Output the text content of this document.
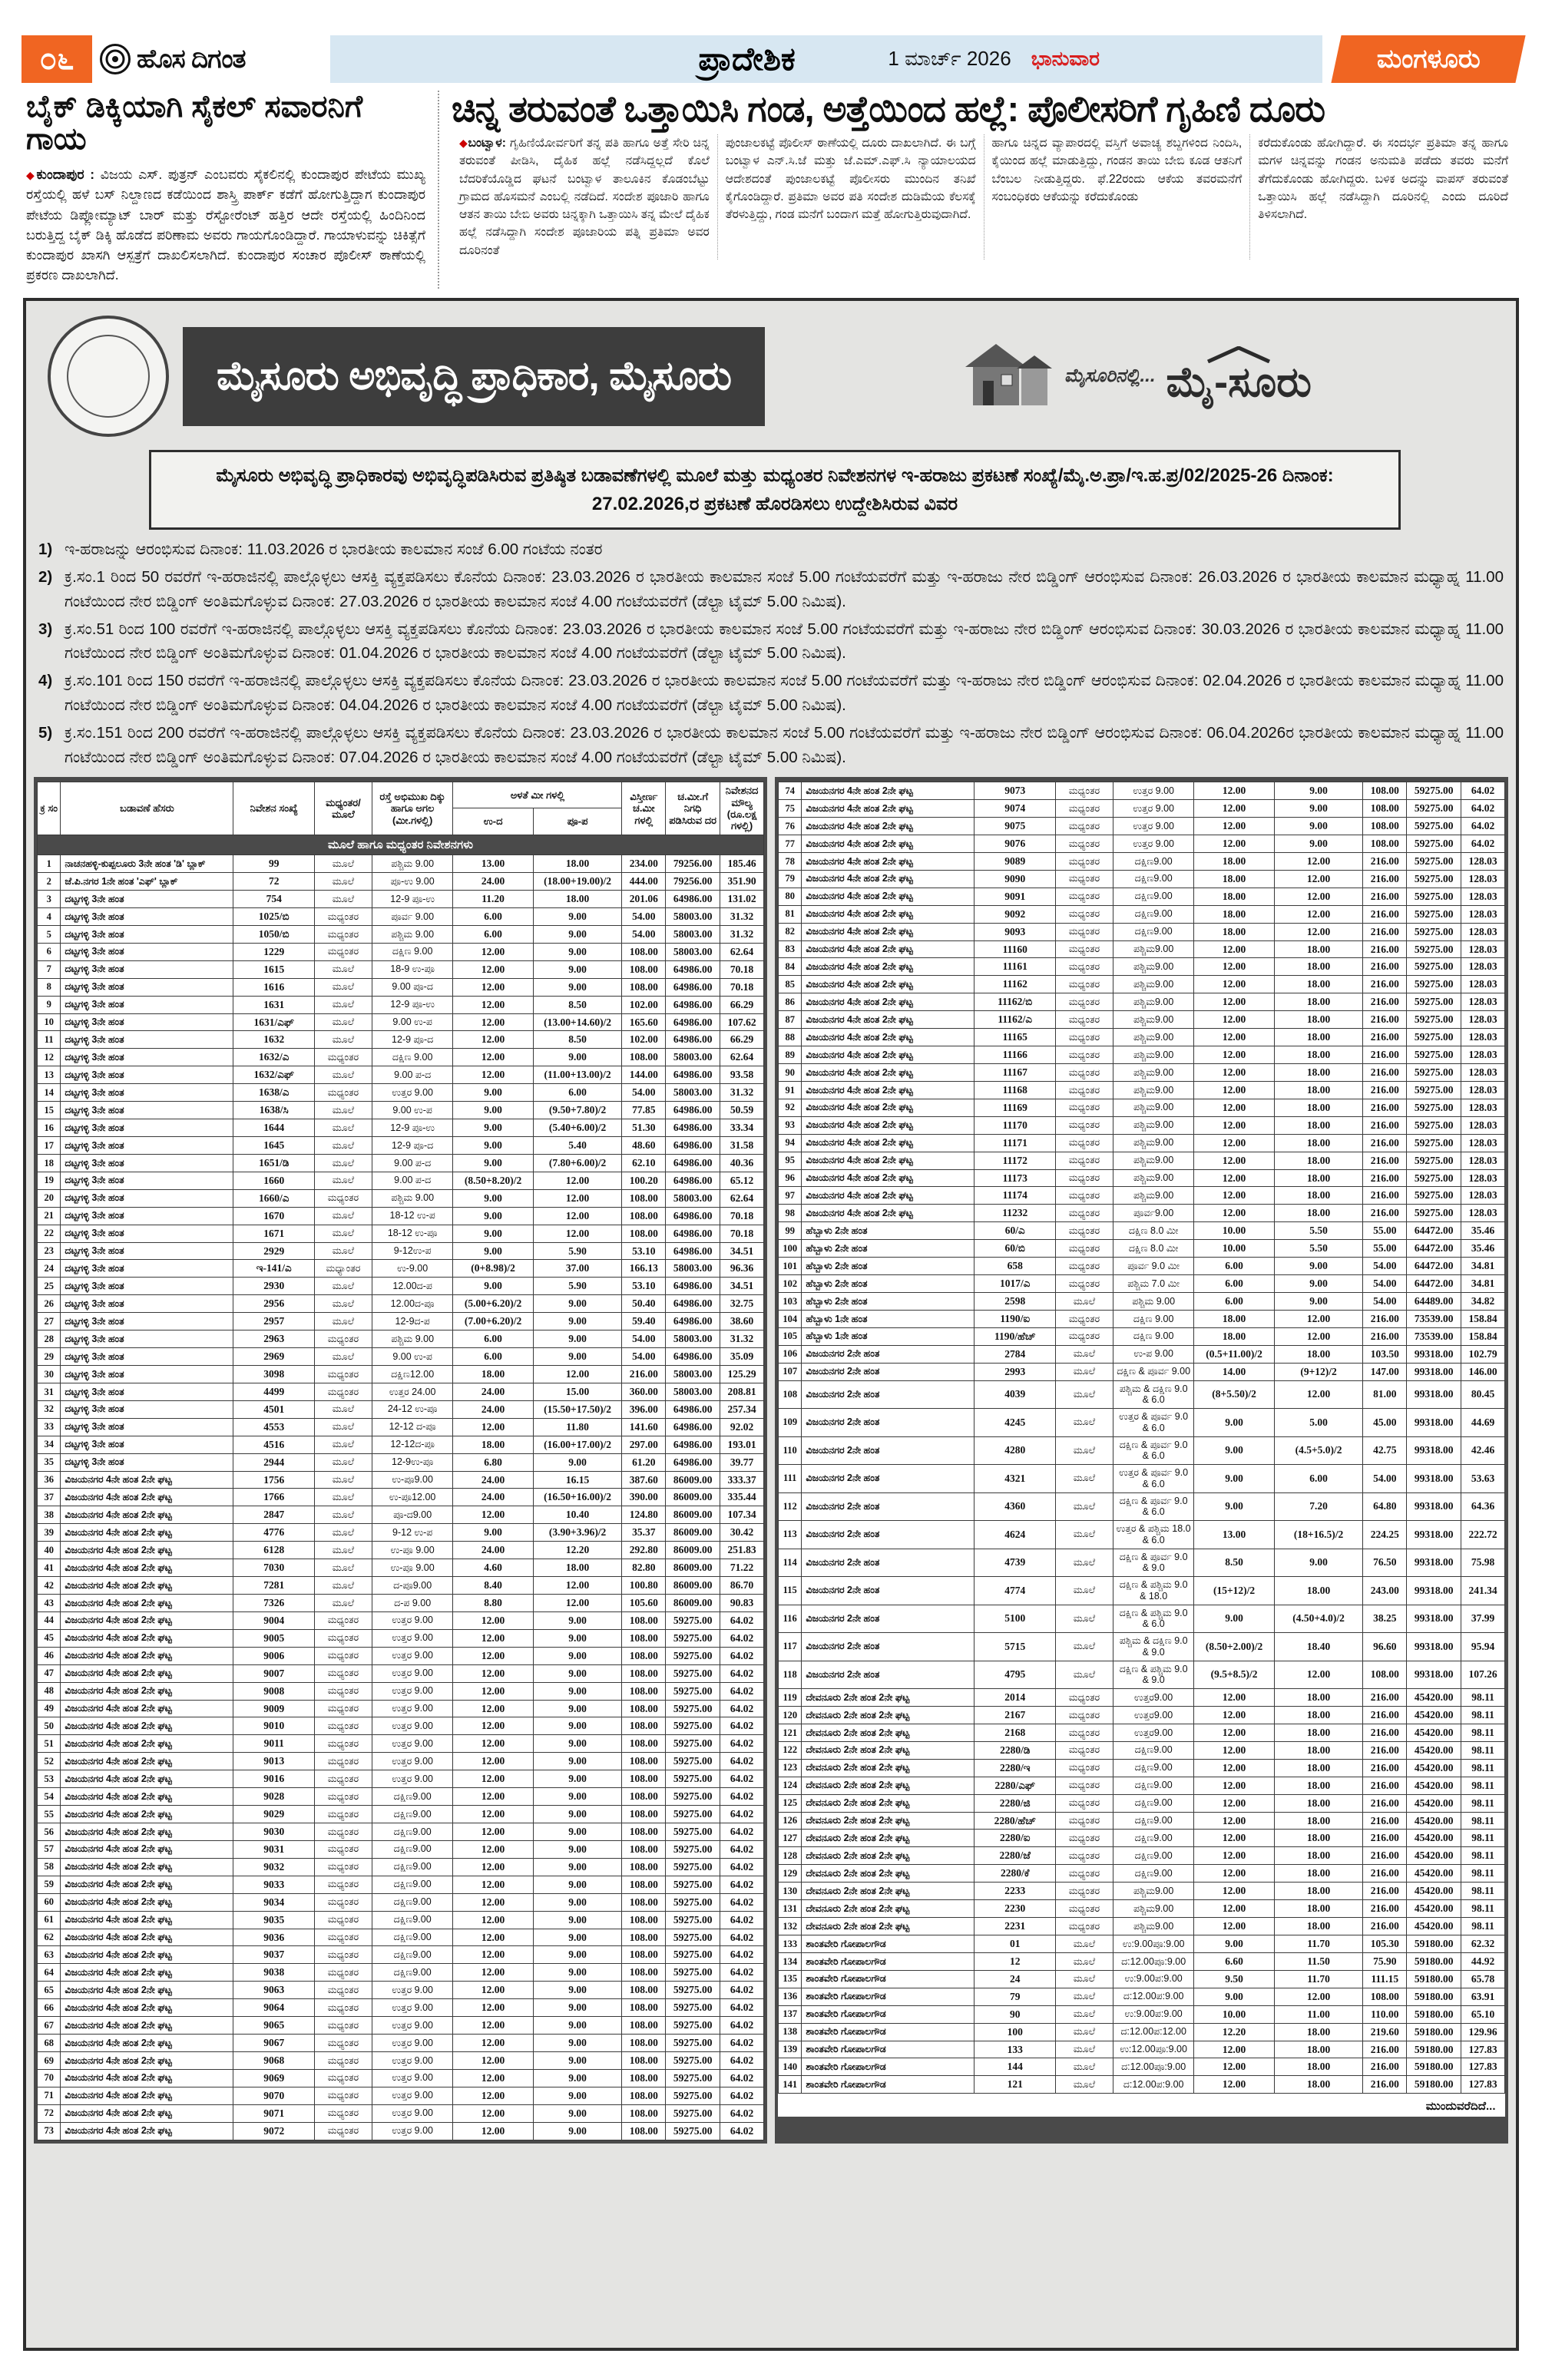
೦೬	ಹೊಸ ದಿಗಂತ	ಪ್ರಾದೇಶಿಕ	1 ಮಾರ್ಚ್ 2026 ಭಾನುವಾರ	ಮಂಗಳೂರು
ಬೈಕ್ ಡಿಕ್ಕಿಯಾಗಿ ಸೈಕಲ್ ಸವಾರನಿಗೆ ಗಾಯ

◆ಕುಂದಾಪುರ : ವಿಜಯ ಎಸ್. ಪುತ್ರನ್ ಎಂಬವರು ಸೈಕಲಿನಲ್ಲಿ ಕುಂದಾಪುರ ಪೇಟೆಯ ಮುಖ್ಯ ರಸ್ತೆಯಲ್ಲಿ ಹಳೆ ಬಸ್ ನಿಲ್ದಾಣದ ಕಡೆಯಿಂದ ಶಾಸ್ತ್ರಿ ಪಾರ್ಕ್ ಕಡೆಗೆ ಹೋಗುತ್ತಿದ್ದಾಗ ಕುಂದಾಪುರ ಪೇಟೆಯ ಡಿಪ್ಲೋಮ್ಯಾಟ್ ಬಾರ್ ಮತ್ತು ರೆಸ್ಟೋರೆಂಟ್ ಹತ್ತಿರ ಆದೇ ರಸ್ತೆಯಲ್ಲಿ ಹಿಂದಿನಿಂದ ಬರುತ್ತಿದ್ದ ಬೈಕ್ ಡಿಕ್ಕಿ ಹೊಡೆದ ಪರಿಣಾಮ ಅವರು ಗಾಯಗೊಂಡಿದ್ದಾರೆ. ಗಾಯಾಳುವನ್ನು ಚಿಕಿತ್ಸೆಗೆ ಕುಂದಾಪುರ ಖಾಸಗಿ ಆಸ್ಪತ್ರೆಗೆ ದಾಖಲಿಸಲಾಗಿದೆ. ಕುಂದಾಪುರ ಸಂಚಾರ ಪೊಲೀಸ್ ಠಾಣೆಯಲ್ಲಿ ಪ್ರಕರಣ ದಾಖಲಾಗಿದೆ.

ಚಿನ್ನ ತರುವಂತೆ ಒತ್ತಾಯಿಸಿ ಗಂಡ, ಅತ್ತೆಯಿಂದ ಹಲ್ಲೆ: ಪೊಲೀಸರಿಗೆ ಗೃಹಿಣಿ ದೂರು
◆ಬಂಟ್ವಾಳ: ಗೃಹಿಣಿಯೋರ್ವರಿಗೆ ತನ್ನ ಪತಿ ಹಾಗೂ ಅತ್ತೆ ಸೇರಿ ಚಿನ್ನ ತರುವಂತೆ ಪೀಡಿಸಿ, ದೈಹಿಕ ಹಲ್ಲೆ ನಡೆಸಿದ್ದಲ್ಲದೆ ಕೊಲೆ ಬೆದರಿಕೆಯೊಡ್ಡಿದ ಘಟನೆ ಬಂಟ್ವಾಳ ತಾಲೂಕಿನ ಕೊಡಂಬೆಟ್ಟು ಗ್ರಾಮದ ಹೊಸಮನೆ ಎಂಬಲ್ಲಿ ನಡೆದಿದೆ. ಸಂದೇಶ ಪೂಜಾರಿ ಹಾಗೂ ಆತನ ತಾಯಿ ಬೇಬಿ ಅವರು ಚಿನ್ನಕ್ಕಾಗಿ ಒತ್ತಾಯಿಸಿ ತನ್ನ ಮೇಲೆ ದೈಹಿಕ ಹಲ್ಲೆ ನಡೆಸಿದ್ದಾಗಿ ಸಂದೇಶ ಪೂಜಾರಿಯ ಪತ್ನಿ ಪ್ರತಿಮಾ ಅವರ ದೂರಿನಂತೆ
ಪುಂಜಾಲಕಟ್ಟೆ ಪೊಲೀಸ್ ಠಾಣೆಯಲ್ಲಿ ದೂರು ದಾಖಲಾಗಿದೆ. ಈ ಬಗ್ಗೆ ಬಂಟ್ವಾಳ ಎನ್.ಸಿ.ಜೆ ಮತ್ತು ಜೆ.ಎಮ್.ಎಫ್.ಸಿ ನ್ಯಾಯಾಲಯದ ಆದೇಶದಂತೆ ಪುಂಜಾಲಕಟ್ಟೆ ಪೊಲೀಸರು ಮುಂದಿನ ತನಿಖೆ ಕೈಗೊಂಡಿದ್ದಾರೆ. ಪ್ರತಿಮಾ ಅವರ ಪತಿ ಸಂದೇಶ ದುಡಿಮೆಯ ಕೆಲಸಕ್ಕೆ ತೆರಳುತ್ತಿದ್ದು, ಗಂಡ ಮನೆಗೆ ಬಂದಾಗ ಮತ್ತೆ ಹೋಗುತ್ತಿರುವುದಾಗಿದೆ.
ಹಾಗೂ ಚಿನ್ನದ ವ್ಯಾಪಾರದಲ್ಲಿ ವಸ್ತಿಗೆ ಅವಾಚ್ಯ ಶಬ್ದಗಳಿಂದ ನಿಂದಿಸಿ, ಕೈಯಿಂದ ಹಲ್ಲೆ ಮಾಡುತ್ತಿದ್ದು, ಗಂಡನ ತಾಯಿ ಬೇಬಿ ಕೂಡ ಆತನಿಗೆ ಬೆಂಬಲ ನೀಡುತ್ತಿದ್ದರು. ಫೆ.22ರಂದು ಆಕೆಯ ತವರಮನೆಗೆ ಸಂಬಂಧಿಕರು ಆಕೆಯನ್ನು ಕರೆದುಕೊಂಡು
ಕರೆದುಕೊಂಡು ಹೋಗಿದ್ದಾರೆ. ಈ ಸಂದರ್ಭ ಪ್ರತಿಮಾ ತನ್ನ ಹಾಗೂ ಮಗಳ ಚಿನ್ನವನ್ನು ಗಂಡನ ಅನುಮತಿ ಪಡೆದು ತವರು ಮನೆಗೆ ತೆಗೆದುಕೊಂಡು ಹೋಗಿದ್ದರು. ಬಳಿಕ ಅದನ್ನು ವಾಪಸ್ ತರುವಂತೆ ಒತ್ತಾಯಿಸಿ ಹಲ್ಲೆ ನಡೆಸಿದ್ದಾಗಿ ದೂರಿನಲ್ಲಿ ಎಂದು ದೂರಿದೆ ತಿಳಿಸಲಾಗಿದೆ.
ಮೈಸೂರು ಅಭಿವೃದ್ಧಿ ಪ್ರಾಧಿಕಾರ, ಮೈಸೂರು	ಮೈಸೂರಿನಲ್ಲಿ... ಮೈ-ಸೂರು
ಮೈಸೂರು ಅಭಿವೃದ್ಧಿ ಪ್ರಾಧಿಕಾರವು ಅಭಿವೃದ್ಧಿಪಡಿಸಿರುವ ಪ್ರತಿಷ್ಠಿತ ಬಡಾವಣೆಗಳಲ್ಲಿ ಮೂಲೆ ಮತ್ತು ಮಧ್ಯಂತರ ನಿವೇಶನಗಳ ಇ-ಹರಾಜು ಪ್ರಕಟಣೆ ಸಂಖ್ಯೆ/ಮೈ.ಅ.ಪ್ರಾ/ಇ.ಹ.ಪ್ರ/02/2025-26 ದಿನಾಂಕ: 27.02.2026,ರ ಪ್ರಕಟಣೆ ಹೊರಡಿಸಲು ಉದ್ದೇಶಿಸಿರುವ ವಿವರ
1) ಇ-ಹರಾಜನ್ನು ಆರಂಭಿಸುವ ದಿನಾಂಕ: 11.03.2026 ರ ಭಾರತೀಯ ಕಾಲಮಾನ ಸಂಜೆ 6.00 ಗಂಟೆಯ ನಂತರ
2) ಕ್ರ.ಸಂ.1 ರಿಂದ 50 ರವರೆಗೆ ಇ-ಹರಾಜಿನಲ್ಲಿ ಪಾಲ್ಗೊಳ್ಳಲು ಆಸಕ್ತಿ ವ್ಯಕ್ತಪಡಿಸಲು ಕೊನೆಯ ದಿನಾಂಕ: 23.03.2026 ರ ಭಾರತೀಯ ಕಾಲಮಾನ ಸಂಜೆ 5.00 ಗಂಟೆಯವರೆಗೆ ಮತ್ತು ಇ-ಹರಾಜು ನೇರ ಬಿಡ್ಡಿಂಗ್ ಆರಂಭಿಸುವ ದಿನಾಂಕ: 26.03.2026 ರ ಭಾರತೀಯ ಕಾಲಮಾನ ಮಧ್ಯಾಹ್ನ 11.00 ಗಂಟೆಯಿಂದ ನೇರ ಬಿಡ್ಡಿಂಗ್ ಅಂತಿಮಗೊಳ್ಳುವ ದಿನಾಂಕ: 27.03.2026 ರ ಭಾರತೀಯ ಕಾಲಮಾನ ಸಂಜೆ 4.00 ಗಂಟೆಯವರೆಗೆ (ಡೆಲ್ಟಾ ಟೈಮ್ 5.00 ನಿಮಿಷ).
3) ಕ್ರ.ಸಂ.51 ರಿಂದ 100 ರವರೆಗೆ ಇ-ಹರಾಜಿನಲ್ಲಿ ಪಾಲ್ಗೊಳ್ಳಲು ಆಸಕ್ತಿ ವ್ಯಕ್ತಪಡಿಸಲು ಕೊನೆಯ ದಿನಾಂಕ: 23.03.2026 ರ ಭಾರತೀಯ ಕಾಲಮಾನ ಸಂಜೆ 5.00 ಗಂಟೆಯವರೆಗೆ ಮತ್ತು ಇ-ಹರಾಜು ನೇರ ಬಿಡ್ಡಿಂಗ್ ಆರಂಭಿಸುವ ದಿನಾಂಕ: 30.03.2026 ರ ಭಾರತೀಯ ಕಾಲಮಾನ ಮಧ್ಯಾಹ್ನ 11.00 ಗಂಟೆಯಿಂದ ನೇರ ಬಿಡ್ಡಿಂಗ್ ಅಂತಿಮಗೊಳ್ಳುವ ದಿನಾಂಕ: 01.04.2026 ರ ಭಾರತೀಯ ಕಾಲಮಾನ ಸಂಜೆ 4.00 ಗಂಟೆಯವರೆಗೆ (ಡೆಲ್ಟಾ ಟೈಮ್ 5.00 ನಿಮಿಷ).
4) ಕ್ರ.ಸಂ.101 ರಿಂದ 150 ರವರೆಗೆ ಇ-ಹರಾಜಿನಲ್ಲಿ ಪಾಲ್ಗೊಳ್ಳಲು ಆಸಕ್ತಿ ವ್ಯಕ್ತಪಡಿಸಲು ಕೊನೆಯ ದಿನಾಂಕ: 23.03.2026 ರ ಭಾರತೀಯ ಕಾಲಮಾನ ಸಂಜೆ 5.00 ಗಂಟೆಯವರೆಗೆ ಮತ್ತು ಇ-ಹರಾಜು ನೇರ ಬಿಡ್ಡಿಂಗ್ ಆರಂಭಿಸುವ ದಿನಾಂಕ: 02.04.2026 ರ ಭಾರತೀಯ ಕಾಲಮಾನ ಮಧ್ಯಾಹ್ನ 11.00 ಗಂಟೆಯಿಂದ ನೇರ ಬಿಡ್ಡಿಂಗ್ ಅಂತಿಮಗೊಳ್ಳುವ ದಿನಾಂಕ: 04.04.2026 ರ ಭಾರತೀಯ ಕಾಲಮಾನ ಸಂಜೆ 4.00 ಗಂಟೆಯವರೆಗೆ (ಡೆಲ್ಟಾ ಟೈಮ್ 5.00 ನಿಮಿಷ).
5) ಕ್ರ.ಸಂ.151 ರಿಂದ 200 ರವರೆಗೆ ಇ-ಹರಾಜಿನಲ್ಲಿ ಪಾಲ್ಗೊಳ್ಳಲು ಆಸಕ್ತಿ ವ್ಯಕ್ತಪಡಿಸಲು ಕೊನೆಯ ದಿನಾಂಕ: 23.03.2026 ರ ಭಾರತೀಯ ಕಾಲಮಾನ ಸಂಜೆ 5.00 ಗಂಟೆಯವರೆಗೆ ಮತ್ತು ಇ-ಹರಾಜು ನೇರ ಬಿಡ್ಡಿಂಗ್ ಆರಂಭಿಸುವ ದಿನಾಂಕ: 06.04.2026ರ ಭಾರತೀಯ ಕಾಲಮಾನ ಮಧ್ಯಾಹ್ನ 11.00 ಗಂಟೆಯಿಂದ ನೇರ ಬಿಡ್ಡಿಂಗ್ ಅಂತಿಮಗೊಳ್ಳುವ ದಿನಾಂಕ: 07.04.2026 ರ ಭಾರತೀಯ ಕಾಲಮಾನ ಸಂಜೆ 4.00 ಗಂಟೆಯವರೆಗೆ (ಡೆಲ್ಟಾ ಟೈಮ್ 5.00 ನಿಮಿಷ).
ಕ್ರ ಸಂ	ಬಡಾವಣೆ ಹೆಸರು	ನಿವೇಶನ ಸಂಖ್ಯೆ	ಮಧ್ಯಂತರ/ ಮೂಲೆ	ರಸ್ತೆ ಅಭಿಮುಖ ದಿಕ್ಕು ಹಾಗೂ ಅಗಲ (ಮೀ.ಗಳಲ್ಲಿ)	ಅಳತೆ ಮೀ ಗಳಲ್ಲಿ		ವಿಸ್ತೀರ್ಣ ಚ.ಮೀ ಗಳಲ್ಲಿ	ಚ.ಮೀ.ಗೆ ನಿಗಧಿ ಪಡಿಸಿರುವ ದರ	ನಿವೇಶನದ ಮೌಲ್ಯ (ರೂ.ಲಕ್ಷ ಗಳಲ್ಲಿ)
					ಉ-ದ	ಪೂ-ಪ			
ಮೂಲೆ ಹಾಗೂ ಮಧ್ಯಂತರ ನಿವೇಶನಗಳು									
1	ನಾಚನಹಳ್ಳಿ-ಕುಪ್ಪಲೂರು 3ನೇ ಹಂತ 'ಡಿ' ಬ್ಲಾಕ್	99	ಮೂಲೆ	ಪಶ್ಚಿಮ 9.00	13.00	18.00	234.00	79256.00	185.46
2	ಜೆ.ಪಿ.ನಗರ 1ನೇ ಹಂತ 'ಎಫ್' ಬ್ಲಾಕ್	72	ಮೂಲೆ	ಪೂ-ಉ 9.00	24.00	(18.00+19.00)/2	444.00	79256.00	351.90
3	ದಟ್ಟಗಳ್ಳಿ 3ನೇ ಹಂತ	754	ಮೂಲೆ	12-9 ಪೂ-ಉ	11.20	18.00	201.06	64986.00	131.02
4	ದಟ್ಟಗಳ್ಳಿ 3ನೇ ಹಂತ	1025/ಬಿ	ಮಧ್ಯಂತರ	ಪೂರ್ವ 9.00	6.00	9.00	54.00	58003.00	31.32
5	ದಟ್ಟಗಳ್ಳಿ 3ನೇ ಹಂತ	1050/ಬಿ	ಮಧ್ಯಂತರ	ಪಶ್ಚಿಮ 9.00	6.00	9.00	54.00	58003.00	31.32
6	ದಟ್ಟಗಳ್ಳಿ 3ನೇ ಹಂತ	1229	ಮಧ್ಯಂತರ	ದಕ್ಷಿಣ 9.00	12.00	9.00	108.00	58003.00	62.64
7	ದಟ್ಟಗಳ್ಳಿ 3ನೇ ಹಂತ	1615	ಮೂಲೆ	18-9 ಉ-ಪೂ	12.00	9.00	108.00	64986.00	70.18
8	ದಟ್ಟಗಳ್ಳಿ 3ನೇ ಹಂತ	1616	ಮೂಲೆ	9.00 ಪೂ-ದ	12.00	9.00	108.00	64986.00	70.18
9	ದಟ್ಟಗಳ್ಳಿ 3ನೇ ಹಂತ	1631	ಮೂಲೆ	12-9 ಪೂ-ಉ	12.00	8.50	102.00	64986.00	66.29
10	ದಟ್ಟಗಳ್ಳಿ 3ನೇ ಹಂತ	1631/ಎಫ್	ಮೂಲೆ	9.00 ಉ-ಪ	12.00	(13.00+14.60)/2	165.60	64986.00	107.62
11	ದಟ್ಟಗಳ್ಳಿ 3ನೇ ಹಂತ	1632	ಮೂಲೆ	12-9 ಪೂ-ದ	12.00	8.50	102.00	64986.00	66.29
12	ದಟ್ಟಗಳ್ಳಿ 3ನೇ ಹಂತ	1632/ಎ	ಮಧ್ಯಂತರ	ದಕ್ಷಿಣ 9.00	12.00	9.00	108.00	58003.00	62.64
13	ದಟ್ಟಗಳ್ಳಿ 3ನೇ ಹಂತ	1632/ಎಫ್	ಮೂಲೆ	9.00 ಪ-ದ	12.00	(11.00+13.00)/2	144.00	64986.00	93.58
14	ದಟ್ಟಗಳ್ಳಿ 3ನೇ ಹಂತ	1638/ಎ	ಮಧ್ಯಂತರ	ಉತ್ತರ 9.00	9.00	6.00	54.00	58003.00	31.32
15	ದಟ್ಟಗಳ್ಳಿ 3ನೇ ಹಂತ	1638/ಸಿ	ಮೂಲೆ	9.00 ಉ-ಪ	9.00	(9.50+7.80)/2	77.85	64986.00	50.59
16	ದಟ್ಟಗಳ್ಳಿ 3ನೇ ಹಂತ	1644	ಮೂಲೆ	12-9 ಪೂ-ಉ	9.00	(5.40+6.00)/2	51.30	64986.00	33.34
17	ದಟ್ಟಗಳ್ಳಿ 3ನೇ ಹಂತ	1645	ಮೂಲೆ	12-9 ಪೂ-ದ	9.00	5.40	48.60	64986.00	31.58
18	ದಟ್ಟಗಳ್ಳಿ 3ನೇ ಹಂತ	1651/ಡಿ	ಮೂಲೆ	9.00 ಪ-ದ	9.00	(7.80+6.00)/2	62.10	64986.00	40.36
19	ದಟ್ಟಗಳ್ಳಿ 3ನೇ ಹಂತ	1660	ಮೂಲೆ	9.00 ಪ-ದ	(8.50+8.20)/2	12.00	100.20	64986.00	65.12
20	ದಟ್ಟಗಳ್ಳಿ 3ನೇ ಹಂತ	1660/ಎ	ಮಧ್ಯಂತರ	ಪಶ್ಚಿಮ 9.00	9.00	12.00	108.00	58003.00	62.64
21	ದಟ್ಟಗಳ್ಳಿ 3ನೇ ಹಂತ	1670	ಮೂಲೆ	18-12 ಉ-ಪ	9.00	12.00	108.00	64986.00	70.18
22	ದಟ್ಟಗಳ್ಳಿ 3ನೇ ಹಂತ	1671	ಮೂಲೆ	18-12 ಉ-ಪೂ	9.00	12.00	108.00	64986.00	70.18
23	ದಟ್ಟಗಳ್ಳಿ 3ನೇ ಹಂತ	2929	ಮೂಲೆ	9-12ಉ-ಪ	9.00	5.90	53.10	64986.00	34.51
24	ದಟ್ಟಗಳ್ಳಿ 3ನೇ ಹಂತ	ಇ-141/ಎ	ಮಧ್ಯಾಂತರ	ಉ-9.00	(0+8.98)/2	37.00	166.13	58003.00	96.36
25	ದಟ್ಟಗಳ್ಳಿ 3ನೇ ಹಂತ	2930	ಮೂಲೆ	12.00ದ-ಪ	9.00	5.90	53.10	64986.00	34.51
26	ದಟ್ಟಗಳ್ಳಿ 3ನೇ ಹಂತ	2956	ಮೂಲೆ	12.00ದ-ಪೂ	(5.00+6.20)/2	9.00	50.40	64986.00	32.75
27	ದಟ್ಟಗಳ್ಳಿ 3ನೇ ಹಂತ	2957	ಮೂಲೆ	12-9ದ-ಪ	(7.00+6.20)/2	9.00	59.40	64986.00	38.60
28	ದಟ್ಟಗಳ್ಳಿ 3ನೇ ಹಂತ	2963	ಮಧ್ಯಂತರ	ಪಶ್ಚಿಮ 9.00	6.00	9.00	54.00	58003.00	31.32
29	ದಟ್ಟಗಳ್ಳಿ 3ನೇ ಹಂತ	2969	ಮೂಲೆ	9.00 ಉ-ಪ	6.00	9.00	54.00	64986.00	35.09
30	ದಟ್ಟಗಳ್ಳಿ 3ನೇ ಹಂತ	3098	ಮಧ್ಯಂತರ	ದಕ್ಷಿಣ12.00	18.00	12.00	216.00	58003.00	125.29
31	ದಟ್ಟಗಳ್ಳಿ 3ನೇ ಹಂತ	4499	ಮಧ್ಯಂತರ	ಉತ್ತರ 24.00	24.00	15.00	360.00	58003.00	208.81
32	ದಟ್ಟಗಳ್ಳಿ 3ನೇ ಹಂತ	4501	ಮೂಲೆ	24-12 ಉ-ಪೂ	24.00	(15.50+17.50)/2	396.00	64986.00	257.34
33	ದಟ್ಟಗಳ್ಳಿ 3ನೇ ಹಂತ	4553	ಮೂಲೆ	12-12 ದ-ಪೂ	12.00	11.80	141.60	64986.00	92.02
34	ದಟ್ಟಗಳ್ಳಿ 3ನೇ ಹಂತ	4516	ಮೂಲೆ	12-12ದ-ಪೂ	18.00	(16.00+17.00)/2	297.00	64986.00	193.01
35	ದಟ್ಟಗಳ್ಳಿ 3ನೇ ಹಂತ	2944	ಮೂಲೆ	12-9ಉ-ಪೂ	6.80	9.00	61.20	64986.00	39.77
36	ವಿಜಯನಗರ 4ನೇ ಹಂತ 2ನೇ ಘಟ್ಟ	1756	ಮೂಲೆ	ಉ-ಪೂ9.00	24.00	16.15	387.60	86009.00	333.37
37	ವಿಜಯನಗರ 4ನೇ ಹಂತ 2ನೇ ಘಟ್ಟ	1766	ಮೂಲೆ	ಉ-ಪೂ12.00	24.00	(16.50+16.00)/2	390.00	86009.00	335.44
38	ವಿಜಯನಗರ 4ನೇ ಹಂತ 2ನೇ ಘಟ್ಟ	2847	ಮೂಲೆ	ಪೂ-ದ9.00	12.00	10.40	124.80	86009.00	107.34
39	ವಿಜಯನಗರ 4ನೇ ಹಂತ 2ನೇ ಘಟ್ಟ	4776	ಮೂಲೆ	9-12 ಉ-ಪ	9.00	(3.90+3.96)/2	35.37	86009.00	30.42
40	ವಿಜಯನಗರ 4ನೇ ಹಂತ 2ನೇ ಘಟ್ಟ	6128	ಮೂಲೆ	ಉ-ಪೂ 9.00	24.00	12.20	292.80	86009.00	251.83
41	ವಿಜಯನಗರ 4ನೇ ಹಂತ 2ನೇ ಘಟ್ಟ	7030	ಮೂಲೆ	ಉ-ಪೂ 9.00	4.60	18.00	82.80	86009.00	71.22
42	ವಿಜಯನಗರ 4ನೇ ಹಂತ 2ನೇ ಘಟ್ಟ	7281	ಮೂಲೆ	ದ-ಪೂ9.00	8.40	12.00	100.80	86009.00	86.70
43	ವಿಜಯನಗರ 4ನೇ ಹಂತ 2ನೇ ಘಟ್ಟ	7326	ಮೂಲೆ	ದ-ಪ 9.00	8.80	12.00	105.60	86009.00	90.83
44	ವಿಜಯನಗರ 4ನೇ ಹಂತ 2ನೇ ಘಟ್ಟ	9004	ಮಧ್ಯಂತರ	ಉತ್ತರ 9.00	12.00	9.00	108.00	59275.00	64.02
45	ವಿಜಯನಗರ 4ನೇ ಹಂತ 2ನೇ ಘಟ್ಟ	9005	ಮಧ್ಯಂತರ	ಉತ್ತರ 9.00	12.00	9.00	108.00	59275.00	64.02
46	ವಿಜಯನಗರ 4ನೇ ಹಂತ 2ನೇ ಘಟ್ಟ	9006	ಮಧ್ಯಂತರ	ಉತ್ತರ 9.00	12.00	9.00	108.00	59275.00	64.02
47	ವಿಜಯನಗರ 4ನೇ ಹಂತ 2ನೇ ಘಟ್ಟ	9007	ಮಧ್ಯಂತರ	ಉತ್ತರ 9.00	12.00	9.00	108.00	59275.00	64.02
48	ವಿಜಯನಗರ 4ನೇ ಹಂತ 2ನೇ ಘಟ್ಟ	9008	ಮಧ್ಯಂತರ	ಉತ್ತರ 9.00	12.00	9.00	108.00	59275.00	64.02
49	ವಿಜಯನಗರ 4ನೇ ಹಂತ 2ನೇ ಘಟ್ಟ	9009	ಮಧ್ಯಂತರ	ಉತ್ತರ 9.00	12.00	9.00	108.00	59275.00	64.02
50	ವಿಜಯನಗರ 4ನೇ ಹಂತ 2ನೇ ಘಟ್ಟ	9010	ಮಧ್ಯಂತರ	ಉತ್ತರ 9.00	12.00	9.00	108.00	59275.00	64.02
51	ವಿಜಯನಗರ 4ನೇ ಹಂತ 2ನೇ ಘಟ್ಟ	9011	ಮಧ್ಯಂತರ	ಉತ್ತರ 9.00	12.00	9.00	108.00	59275.00	64.02
52	ವಿಜಯನಗರ 4ನೇ ಹಂತ 2ನೇ ಘಟ್ಟ	9013	ಮಧ್ಯಂತರ	ಉತ್ತರ 9.00	12.00	9.00	108.00	59275.00	64.02
53	ವಿಜಯನಗರ 4ನೇ ಹಂತ 2ನೇ ಘಟ್ಟ	9016	ಮಧ್ಯಂತರ	ಉತ್ತರ 9.00	12.00	9.00	108.00	59275.00	64.02
54	ವಿಜಯನಗರ 4ನೇ ಹಂತ 2ನೇ ಘಟ್ಟ	9028	ಮಧ್ಯಂತರ	ದಕ್ಷಿಣ9.00	12.00	9.00	108.00	59275.00	64.02
55	ವಿಜಯನಗರ 4ನೇ ಹಂತ 2ನೇ ಘಟ್ಟ	9029	ಮಧ್ಯಂತರ	ದಕ್ಷಿಣ9.00	12.00	9.00	108.00	59275.00	64.02
56	ವಿಜಯನಗರ 4ನೇ ಹಂತ 2ನೇ ಘಟ್ಟ	9030	ಮಧ್ಯಂತರ	ದಕ್ಷಿಣ9.00	12.00	9.00	108.00	59275.00	64.02
57	ವಿಜಯನಗರ 4ನೇ ಹಂತ 2ನೇ ಘಟ್ಟ	9031	ಮಧ್ಯಂತರ	ದಕ್ಷಿಣ9.00	12.00	9.00	108.00	59275.00	64.02
58	ವಿಜಯನಗರ 4ನೇ ಹಂತ 2ನೇ ಘಟ್ಟ	9032	ಮಧ್ಯಂತರ	ದಕ್ಷಿಣ9.00	12.00	9.00	108.00	59275.00	64.02
59	ವಿಜಯನಗರ 4ನೇ ಹಂತ 2ನೇ ಘಟ್ಟ	9033	ಮಧ್ಯಂತರ	ದಕ್ಷಿಣ9.00	12.00	9.00	108.00	59275.00	64.02
60	ವಿಜಯನಗರ 4ನೇ ಹಂತ 2ನೇ ಘಟ್ಟ	9034	ಮಧ್ಯಂತರ	ದಕ್ಷಿಣ9.00	12.00	9.00	108.00	59275.00	64.02
61	ವಿಜಯನಗರ 4ನೇ ಹಂತ 2ನೇ ಘಟ್ಟ	9035	ಮಧ್ಯಂತರ	ದಕ್ಷಿಣ9.00	12.00	9.00	108.00	59275.00	64.02
62	ವಿಜಯನಗರ 4ನೇ ಹಂತ 2ನೇ ಘಟ್ಟ	9036	ಮಧ್ಯಂತರ	ದಕ್ಷಿಣ9.00	12.00	9.00	108.00	59275.00	64.02
63	ವಿಜಯನಗರ 4ನೇ ಹಂತ 2ನೇ ಘಟ್ಟ	9037	ಮಧ್ಯಂತರ	ದಕ್ಷಿಣ9.00	12.00	9.00	108.00	59275.00	64.02
64	ವಿಜಯನಗರ 4ನೇ ಹಂತ 2ನೇ ಘಟ್ಟ	9038	ಮಧ್ಯಂತರ	ದಕ್ಷಿಣ9.00	12.00	9.00	108.00	59275.00	64.02
65	ವಿಜಯನಗರ 4ನೇ ಹಂತ 2ನೇ ಘಟ್ಟ	9063	ಮಧ್ಯಂತರ	ಉತ್ತರ 9.00	12.00	9.00	108.00	59275.00	64.02
66	ವಿಜಯನಗರ 4ನೇ ಹಂತ 2ನೇ ಘಟ್ಟ	9064	ಮಧ್ಯಂತರ	ಉತ್ತರ 9.00	12.00	9.00	108.00	59275.00	64.02
67	ವಿಜಯನಗರ 4ನೇ ಹಂತ 2ನೇ ಘಟ್ಟ	9065	ಮಧ್ಯಂತರ	ಉತ್ತರ 9.00	12.00	9.00	108.00	59275.00	64.02
68	ವಿಜಯನಗರ 4ನೇ ಹಂತ 2ನೇ ಘಟ್ಟ	9067	ಮಧ್ಯಂತರ	ಉತ್ತರ 9.00	12.00	9.00	108.00	59275.00	64.02
69	ವಿಜಯನಗರ 4ನೇ ಹಂತ 2ನೇ ಘಟ್ಟ	9068	ಮಧ್ಯಂತರ	ಉತ್ತರ 9.00	12.00	9.00	108.00	59275.00	64.02
70	ವಿಜಯನಗರ 4ನೇ ಹಂತ 2ನೇ ಘಟ್ಟ	9069	ಮಧ್ಯಂತರ	ಉತ್ತರ 9.00	12.00	9.00	108.00	59275.00	64.02
71	ವಿಜಯನಗರ 4ನೇ ಹಂತ 2ನೇ ಘಟ್ಟ	9070	ಮಧ್ಯಂತರ	ಉತ್ತರ 9.00	12.00	9.00	108.00	59275.00	64.02
72	ವಿಜಯನಗರ 4ನೇ ಹಂತ 2ನೇ ಘಟ್ಟ	9071	ಮಧ್ಯಂತರ	ಉತ್ತರ 9.00	12.00	9.00	108.00	59275.00	64.02
73	ವಿಜಯನಗರ 4ನೇ ಹಂತ 2ನೇ ಘಟ್ಟ	9072	ಮಧ್ಯಂತರ	ಉತ್ತರ 9.00	12.00	9.00	108.00	59275.00	64.02
74	ವಿಜಯನಗರ 4ನೇ ಹಂತ 2ನೇ ಘಟ್ಟ	9073	ಮಧ್ಯಂತರ	ಉತ್ತರ 9.00	12.00	9.00	108.00	59275.00	64.02
75	ವಿಜಯನಗರ 4ನೇ ಹಂತ 2ನೇ ಘಟ್ಟ	9074	ಮಧ್ಯಂತರ	ಉತ್ತರ 9.00	12.00	9.00	108.00	59275.00	64.02
76	ವಿಜಯನಗರ 4ನೇ ಹಂತ 2ನೇ ಘಟ್ಟ	9075	ಮಧ್ಯಂತರ	ಉತ್ತರ 9.00	12.00	9.00	108.00	59275.00	64.02
77	ವಿಜಯನಗರ 4ನೇ ಹಂತ 2ನೇ ಘಟ್ಟ	9076	ಮಧ್ಯಂತರ	ಉತ್ತರ 9.00	12.00	9.00	108.00	59275.00	64.02
78	ವಿಜಯನಗರ 4ನೇ ಹಂತ 2ನೇ ಘಟ್ಟ	9089	ಮಧ್ಯಂತರ	ದಕ್ಷಿಣ9.00	18.00	12.00	216.00	59275.00	128.03
79	ವಿಜಯನಗರ 4ನೇ ಹಂತ 2ನೇ ಘಟ್ಟ	9090	ಮಧ್ಯಂತರ	ದಕ್ಷಿಣ9.00	18.00	12.00	216.00	59275.00	128.03
80	ವಿಜಯನಗರ 4ನೇ ಹಂತ 2ನೇ ಘಟ್ಟ	9091	ಮಧ್ಯಂತರ	ದಕ್ಷಿಣ9.00	18.00	12.00	216.00	59275.00	128.03
81	ವಿಜಯನಗರ 4ನೇ ಹಂತ 2ನೇ ಘಟ್ಟ	9092	ಮಧ್ಯಂತರ	ದಕ್ಷಿಣ9.00	18.00	12.00	216.00	59275.00	128.03
82	ವಿಜಯನಗರ 4ನೇ ಹಂತ 2ನೇ ಘಟ್ಟ	9093	ಮಧ್ಯಂತರ	ದಕ್ಷಿಣ9.00	18.00	12.00	216.00	59275.00	128.03
83	ವಿಜಯನಗರ 4ನೇ ಹಂತ 2ನೇ ಘಟ್ಟ	11160	ಮಧ್ಯಂತರ	ಪಶ್ಚಿಮ9.00	12.00	18.00	216.00	59275.00	128.03
84	ವಿಜಯನಗರ 4ನೇ ಹಂತ 2ನೇ ಘಟ್ಟ	11161	ಮಧ್ಯಂತರ	ಪಶ್ಚಿಮ9.00	12.00	18.00	216.00	59275.00	128.03
85	ವಿಜಯನಗರ 4ನೇ ಹಂತ 2ನೇ ಘಟ್ಟ	11162	ಮಧ್ಯಂತರ	ಪಶ್ಚಿಮ9.00	12.00	18.00	216.00	59275.00	128.03
86	ವಿಜಯನಗರ 4ನೇ ಹಂತ 2ನೇ ಘಟ್ಟ	11162/ಬಿ	ಮಧ್ಯಂತರ	ಪಶ್ಚಿಮ9.00	12.00	18.00	216.00	59275.00	128.03
87	ವಿಜಯನಗರ 4ನೇ ಹಂತ 2ನೇ ಘಟ್ಟ	11162/ಎ	ಮಧ್ಯಂತರ	ಪಶ್ಚಿಮ9.00	12.00	18.00	216.00	59275.00	128.03
88	ವಿಜಯನಗರ 4ನೇ ಹಂತ 2ನೇ ಘಟ್ಟ	11165	ಮಧ್ಯಂತರ	ಪಶ್ಚಿಮ9.00	12.00	18.00	216.00	59275.00	128.03
89	ವಿಜಯನಗರ 4ನೇ ಹಂತ 2ನೇ ಘಟ್ಟ	11166	ಮಧ್ಯಂತರ	ಪಶ್ಚಿಮ9.00	12.00	18.00	216.00	59275.00	128.03
90	ವಿಜಯನಗರ 4ನೇ ಹಂತ 2ನೇ ಘಟ್ಟ	11167	ಮಧ್ಯಂತರ	ಪಶ್ಚಿಮ9.00	12.00	18.00	216.00	59275.00	128.03
91	ವಿಜಯನಗರ 4ನೇ ಹಂತ 2ನೇ ಘಟ್ಟ	11168	ಮಧ್ಯಂತರ	ಪಶ್ಚಿಮ9.00	12.00	18.00	216.00	59275.00	128.03
92	ವಿಜಯನಗರ 4ನೇ ಹಂತ 2ನೇ ಘಟ್ಟ	11169	ಮಧ್ಯಂತರ	ಪಶ್ಚಿಮ9.00	12.00	18.00	216.00	59275.00	128.03
93	ವಿಜಯನಗರ 4ನೇ ಹಂತ 2ನೇ ಘಟ್ಟ	11170	ಮಧ್ಯಂತರ	ಪಶ್ಚಿಮ9.00	12.00	18.00	216.00	59275.00	128.03
94	ವಿಜಯನಗರ 4ನೇ ಹಂತ 2ನೇ ಘಟ್ಟ	11171	ಮಧ್ಯಂತರ	ಪಶ್ಚಿಮ9.00	12.00	18.00	216.00	59275.00	128.03
95	ವಿಜಯನಗರ 4ನೇ ಹಂತ 2ನೇ ಘಟ್ಟ	11172	ಮಧ್ಯಂತರ	ಪಶ್ಚಿಮ9.00	12.00	18.00	216.00	59275.00	128.03
96	ವಿಜಯನಗರ 4ನೇ ಹಂತ 2ನೇ ಘಟ್ಟ	11173	ಮಧ್ಯಂತರ	ಪಶ್ಚಿಮ9.00	12.00	18.00	216.00	59275.00	128.03
97	ವಿಜಯನಗರ 4ನೇ ಹಂತ 2ನೇ ಘಟ್ಟ	11174	ಮಧ್ಯಂತರ	ಪಶ್ಚಿಮ9.00	12.00	18.00	216.00	59275.00	128.03
98	ವಿಜಯನಗರ 4ನೇ ಹಂತ 2ನೇ ಘಟ್ಟ	11232	ಮಧ್ಯಂತರ	ಪೂರ್ವ9.00	12.00	18.00	216.00	59275.00	128.03
99	ಹೆಬ್ಬಾಳು 2ನೇ ಹಂತ	60/ಎ	ಮಧ್ಯಂತರ	ದಕ್ಷಿಣ 8.0 ಮೀ	10.00	5.50	55.00	64472.00	35.46
100	ಹೆಬ್ಬಾಳು 2ನೇ ಹಂತ	60/ಬಿ	ಮಧ್ಯಂತರ	ದಕ್ಷಿಣ 8.0 ಮೀ	10.00	5.50	55.00	64472.00	35.46
101	ಹೆಬ್ಬಾಳು 2ನೇ ಹಂತ	658	ಮಧ್ಯಂತರ	ಪೂರ್ವ 9.0 ಮೀ	6.00	9.00	54.00	64472.00	34.81
102	ಹೆಬ್ಬಾಳು 2ನೇ ಹಂತ	1017/ಎ	ಮಧ್ಯಂತರ	ಪಶ್ಚಿಮ 7.0 ಮೀ	6.00	9.00	54.00	64472.00	34.81
103	ಹೆಬ್ಬಾಳು 2ನೇ ಹಂತ	2598	ಮೂಲೆ	ಪಶ್ಚಿಮ 9.00	6.00	9.00	54.00	64489.00	34.82
104	ಹೆಬ್ಬಾಳು 1ನೇ ಹಂತ	1190/ಐ	ಮಧ್ಯಂತರ	ದಕ್ಷಿಣ 9.00	18.00	12.00	216.00	73539.00	158.84
105	ಹೆಬ್ಬಾಳು 1ನೇ ಹಂತ	1190/ಹೆಚ್	ಮಧ್ಯಂತರ	ದಕ್ಷಿಣ 9.00	18.00	12.00	216.00	73539.00	158.84
106	ವಿಜಯನಗರ 2ನೇ ಹಂತ	2784	ಮೂಲೆ	ಉ-ಪ 9.00	(0.5+11.00)/2	18.00	103.50	99318.00	102.79
107	ವಿಜಯನಗರ 2ನೇ ಹಂತ	2993	ಮೂಲೆ	ದಕ್ಷಿಣ & ಪೂರ್ವ 9.00	14.00	(9+12)/2	147.00	99318.00	146.00
108	ವಿಜಯನಗರ 2ನೇ ಹಂತ	4039	ಮೂಲೆ	ಪಶ್ಚಿಮ & ದಕ್ಷಿಣ 9.0 & 6.0	(8+5.50)/2	12.00	81.00	99318.00	80.45
109	ವಿಜಯನಗರ 2ನೇ ಹಂತ	4245	ಮೂಲೆ	ಉತ್ತರ & ಪೂರ್ವ 9.0 & 6.0	9.00	5.00	45.00	99318.00	44.69
110	ವಿಜಯನಗರ 2ನೇ ಹಂತ	4280	ಮೂಲೆ	ದಕ್ಷಿಣ & ಪೂರ್ವ 9.0 & 6.0	9.00	(4.5+5.0)/2	42.75	99318.00	42.46
111	ವಿಜಯನಗರ 2ನೇ ಹಂತ	4321	ಮೂಲೆ	ಉತ್ತರ & ಪೂರ್ವ 9.0 & 6.0	9.00	6.00	54.00	99318.00	53.63
112	ವಿಜಯನಗರ 2ನೇ ಹಂತ	4360	ಮೂಲೆ	ದಕ್ಷಿಣ & ಪೂರ್ವ 9.0 & 6.0	9.00	7.20	64.80	99318.00	64.36
113	ವಿಜಯನಗರ 2ನೇ ಹಂತ	4624	ಮೂಲೆ	ಉತ್ತರ & ಪಶ್ಚಿಮ 18.0 & 6.0	13.00	(18+16.5)/2	224.25	99318.00	222.72
114	ವಿಜಯನಗರ 2ನೇ ಹಂತ	4739	ಮೂಲೆ	ದಕ್ಷಿಣ & ಪೂರ್ವ 9.0 & 9.0	8.50	9.00	76.50	99318.00	75.98
115	ವಿಜಯನಗರ 2ನೇ ಹಂತ	4774	ಮೂಲೆ	ದಕ್ಷಿಣ & ಪಶ್ಚಿಮ 9.0 & 18.0	(15+12)/2	18.00	243.00	99318.00	241.34
116	ವಿಜಯನಗರ 2ನೇ ಹಂತ	5100	ಮೂಲೆ	ದಕ್ಷಿಣ & ಪಶ್ಚಿಮ 9.0 & 6.0	9.00	(4.50+4.0)/2	38.25	99318.00	37.99
117	ವಿಜಯನಗರ 2ನೇ ಹಂತ	5715	ಮೂಲೆ	ಪಶ್ಚಿಮ & ದಕ್ಷಿಣ 9.0 & 9.0	(8.50+2.00)/2	18.40	96.60	99318.00	95.94
118	ವಿಜಯನಗರ 2ನೇ ಹಂತ	4795	ಮೂಲೆ	ದಕ್ಷಿಣ & ಪಶ್ಚಿಮ 9.0 & 9.0	(9.5+8.5)/2	12.00	108.00	99318.00	107.26
119	ದೇವನೂರು 2ನೇ ಹಂತ 2ನೇ ಘಟ್ಟ	2014	ಮಧ್ಯಂತರ	ಉತ್ತರ9.00	12.00	18.00	216.00	45420.00	98.11
120	ದೇವನೂರು 2ನೇ ಹಂತ 2ನೇ ಘಟ್ಟ	2167	ಮಧ್ಯಂತರ	ಉತ್ತರ9.00	12.00	18.00	216.00	45420.00	98.11
121	ದೇವನೂರು 2ನೇ ಹಂತ 2ನೇ ಘಟ್ಟ	2168	ಮಧ್ಯಂತರ	ಉತ್ತರ9.00	12.00	18.00	216.00	45420.00	98.11
122	ದೇವನೂರು 2ನೇ ಹಂತ 2ನೇ ಘಟ್ಟ	2280/ಡಿ	ಮಧ್ಯಂತರ	ದಕ್ಷಿಣ9.00	12.00	18.00	216.00	45420.00	98.11
123	ದೇವನೂರು 2ನೇ ಹಂತ 2ನೇ ಘಟ್ಟ	2280/ಇ	ಮಧ್ಯಂತರ	ದಕ್ಷಿಣ9.00	12.00	18.00	216.00	45420.00	98.11
124	ದೇವನೂರು 2ನೇ ಹಂತ 2ನೇ ಘಟ್ಟ	2280/ಎಫ್	ಮಧ್ಯಂತರ	ದಕ್ಷಿಣ9.00	12.00	18.00	216.00	45420.00	98.11
125	ದೇವನೂರು 2ನೇ ಹಂತ 2ನೇ ಘಟ್ಟ	2280/ಜಿ	ಮಧ್ಯಂತರ	ದಕ್ಷಿಣ9.00	12.00	18.00	216.00	45420.00	98.11
126	ದೇವನೂರು 2ನೇ ಹಂತ 2ನೇ ಘಟ್ಟ	2280/ಹೆಚ್	ಮಧ್ಯಂತರ	ದಕ್ಷಿಣ9.00	12.00	18.00	216.00	45420.00	98.11
127	ದೇವನೂರು 2ನೇ ಹಂತ 2ನೇ ಘಟ್ಟ	2280/ಐ	ಮಧ್ಯಂತರ	ದಕ್ಷಿಣ9.00	12.00	18.00	216.00	45420.00	98.11
128	ದೇವನೂರು 2ನೇ ಹಂತ 2ನೇ ಘಟ್ಟ	2280/ಜೆ	ಮಧ್ಯಂತರ	ದಕ್ಷಿಣ9.00	12.00	18.00	216.00	45420.00	98.11
129	ದೇವನೂರು 2ನೇ ಹಂತ 2ನೇ ಘಟ್ಟ	2280/ಕೆ	ಮಧ್ಯಂತರ	ದಕ್ಷಿಣ9.00	12.00	18.00	216.00	45420.00	98.11
130	ದೇವನೂರು 2ನೇ ಹಂತ 2ನೇ ಘಟ್ಟ	2233	ಮಧ್ಯಂತರ	ಪಶ್ಚಿಮ9.00	12.00	18.00	216.00	45420.00	98.11
131	ದೇವನೂರು 2ನೇ ಹಂತ 2ನೇ ಘಟ್ಟ	2230	ಮಧ್ಯಂತರ	ಪಶ್ಚಿಮ9.00	12.00	18.00	216.00	45420.00	98.11
132	ದೇವನೂರು 2ನೇ ಹಂತ 2ನೇ ಘಟ್ಟ	2231	ಮಧ್ಯಂತರ	ಪಶ್ಚಿಮ9.00	12.00	18.00	216.00	45420.00	98.11
133	ಶಾಂತವೇರಿ ಗೋಪಾಲಗೌಡ	01	ಮೂಲೆ	ಉ:9.00ಪೂ:9.00	9.00	11.70	105.30	59180.00	62.32
134	ಶಾಂತವೇರಿ ಗೋಪಾಲಗೌಡ	12	ಮೂಲೆ	ದ:12.00ಪೂ:9.00	6.60	11.50	75.90	59180.00	44.92
135	ಶಾಂತವೇರಿ ಗೋಪಾಲಗೌಡ	24	ಮೂಲೆ	ಉ:9.00ಪ:9.00	9.50	11.70	111.15	59180.00	65.78
136	ಶಾಂತವೇರಿ ಗೋಪಾಲಗೌಡ	79	ಮೂಲೆ	ದ:12.00ಪ:9.00	9.00	12.00	108.00	59180.00	63.91
137	ಶಾಂತವೇರಿ ಗೋಪಾಲಗೌಡ	90	ಮೂಲೆ	ಉ:9.00ಪ:9.00	10.00	11.00	110.00	59180.00	65.10
138	ಶಾಂತವೇರಿ ಗೋಪಾಲಗೌಡ	100	ಮೂಲೆ	ದ:12.00ಪ:12.00	12.20	18.00	219.60	59180.00	129.96
139	ಶಾಂತವೇರಿ ಗೋಪಾಲಗೌಡ	133	ಮೂಲೆ	ಉ:12.00ಪೂ:9.00	12.00	18.00	216.00	59180.00	127.83
140	ಶಾಂತವೇರಿ ಗೋಪಾಲಗೌಡ	144	ಮೂಲೆ	ದ:12.00ಪೂ:9.00	12.00	18.00	216.00	59180.00	127.83
141	ಶಾಂತವೇರಿ ಗೋಪಾಲಗೌಡ	121	ಮೂಲೆ	ದ:12.00ಪ:9.00	12.00	18.00	216.00	59180.00	127.83
ಮುಂದುವರೆದಿದೆ...									
